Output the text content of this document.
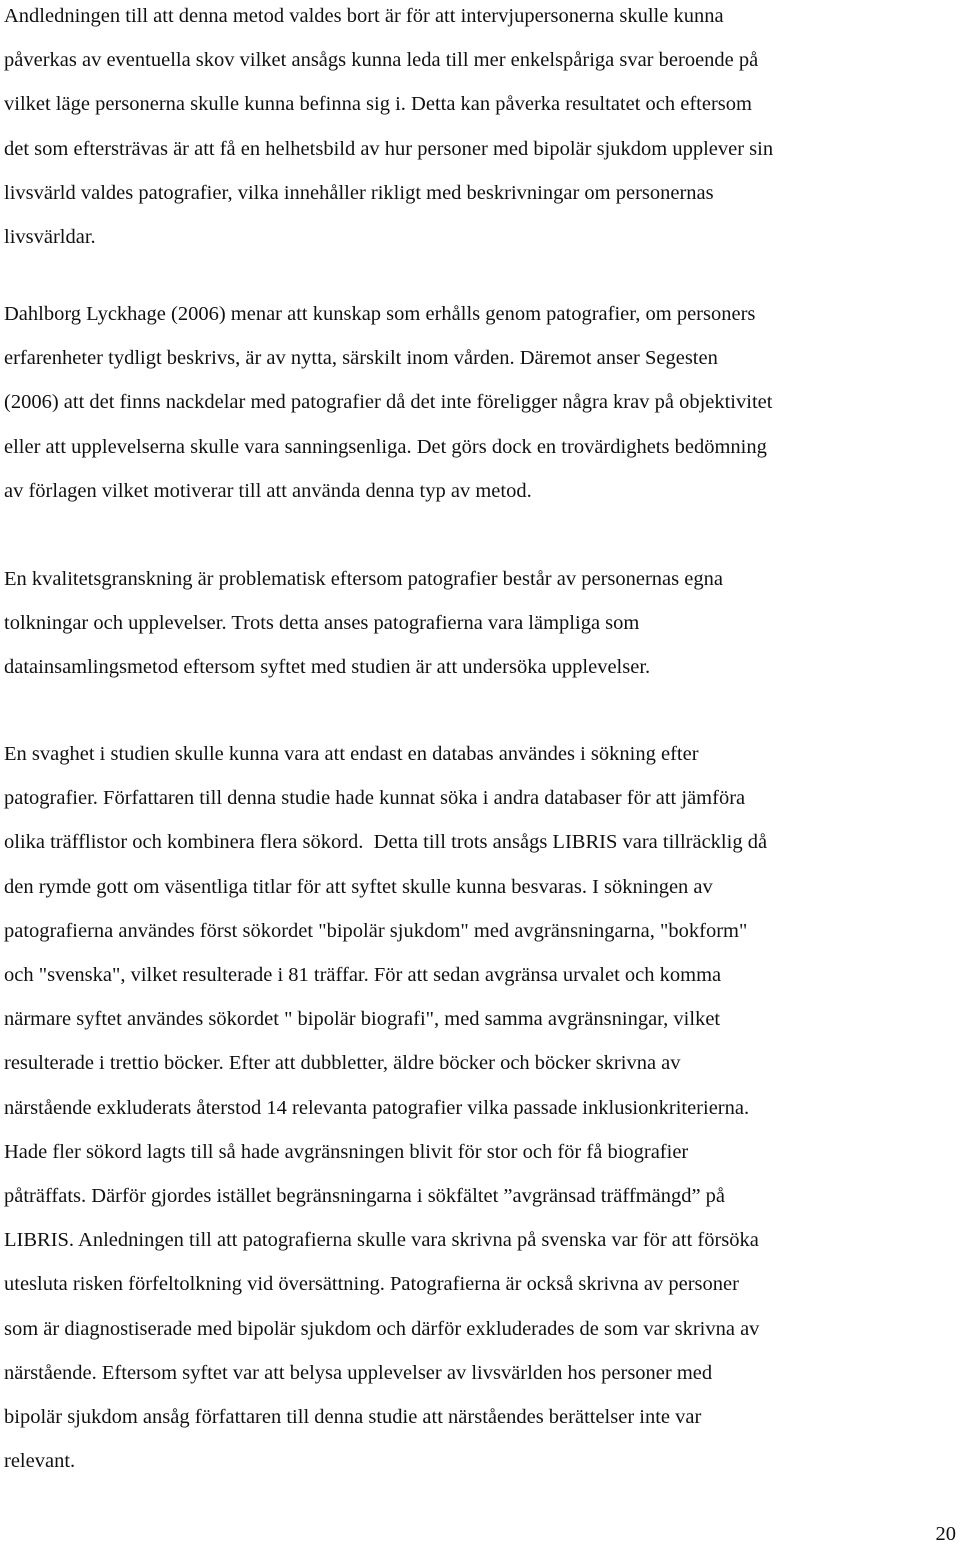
Andledningen till att denna metod valdes bort är för att intervjupersonerna skulle kunna
påverkas av eventuella skov vilket ansågs kunna leda till mer enkelspåriga svar beroende på
vilket läge personerna skulle kunna befinna sig i. Detta kan påverka resultatet och eftersom
det som eftersträvas är att få en helhetsbild av hur personer med bipolär sjukdom upplever sin
livsvärld valdes patografier, vilka innehåller rikligt med beskrivningar om personernas
livsvärldar.
Dahlborg Lyckhage (2006) menar att kunskap som erhålls genom patografier, om personers
erfarenheter tydligt beskrivs, är av nytta, särskilt inom vården. Däremot anser Segesten
(2006) att det finns nackdelar med patografier då det inte föreligger några krav på objektivitet
eller att upplevelserna skulle vara sanningsenliga. Det görs dock en trovärdighets bedömning
av förlagen vilket motiverar till att använda denna typ av metod.
En kvalitetsgranskning är problematisk eftersom patografier består av personernas egna
tolkningar och upplevelser. Trots detta anses patografierna vara lämpliga som
datainsamlingsmetod eftersom syftet med studien är att undersöka upplevelser.
En svaghet i studien skulle kunna vara att endast en databas användes i sökning efter
patografier. Författaren till denna studie hade kunnat söka i andra databaser för att jämföra
olika träfflistor och kombinera flera sökord.  Detta till trots ansågs LIBRIS vara tillräcklig då
den rymde gott om väsentliga titlar för att syftet skulle kunna besvaras. I sökningen av
patografierna användes först sökordet "bipolär sjukdom" med avgränsningarna, "bokform"
och "svenska", vilket resulterade i 81 träffar. För att sedan avgränsa urvalet och komma
närmare syftet användes sökordet " bipolär biografi", med samma avgränsningar, vilket
resulterade i trettio böcker. Efter att dubbletter, äldre böcker och böcker skrivna av
närstående exkluderats återstod 14 relevanta patografier vilka passade inklusionkriterierna.
Hade fler sökord lagts till så hade avgränsningen blivit för stor och för få biografier
påträffats. Därför gjordes istället begränsningarna i sökfältet ”avgränsad träffmängd” på
LIBRIS. Anledningen till att patografierna skulle vara skrivna på svenska var för att försöka
utesluta risken förfeltolkning vid översättning. Patografierna är också skrivna av personer
som är diagnostiserade med bipolär sjukdom och därför exkluderades de som var skrivna av
närstående. Eftersom syftet var att belysa upplevelser av livsvärlden hos personer med
bipolär sjukdom ansåg författaren till denna studie att närståendes berättelser inte var
relevant.
20
